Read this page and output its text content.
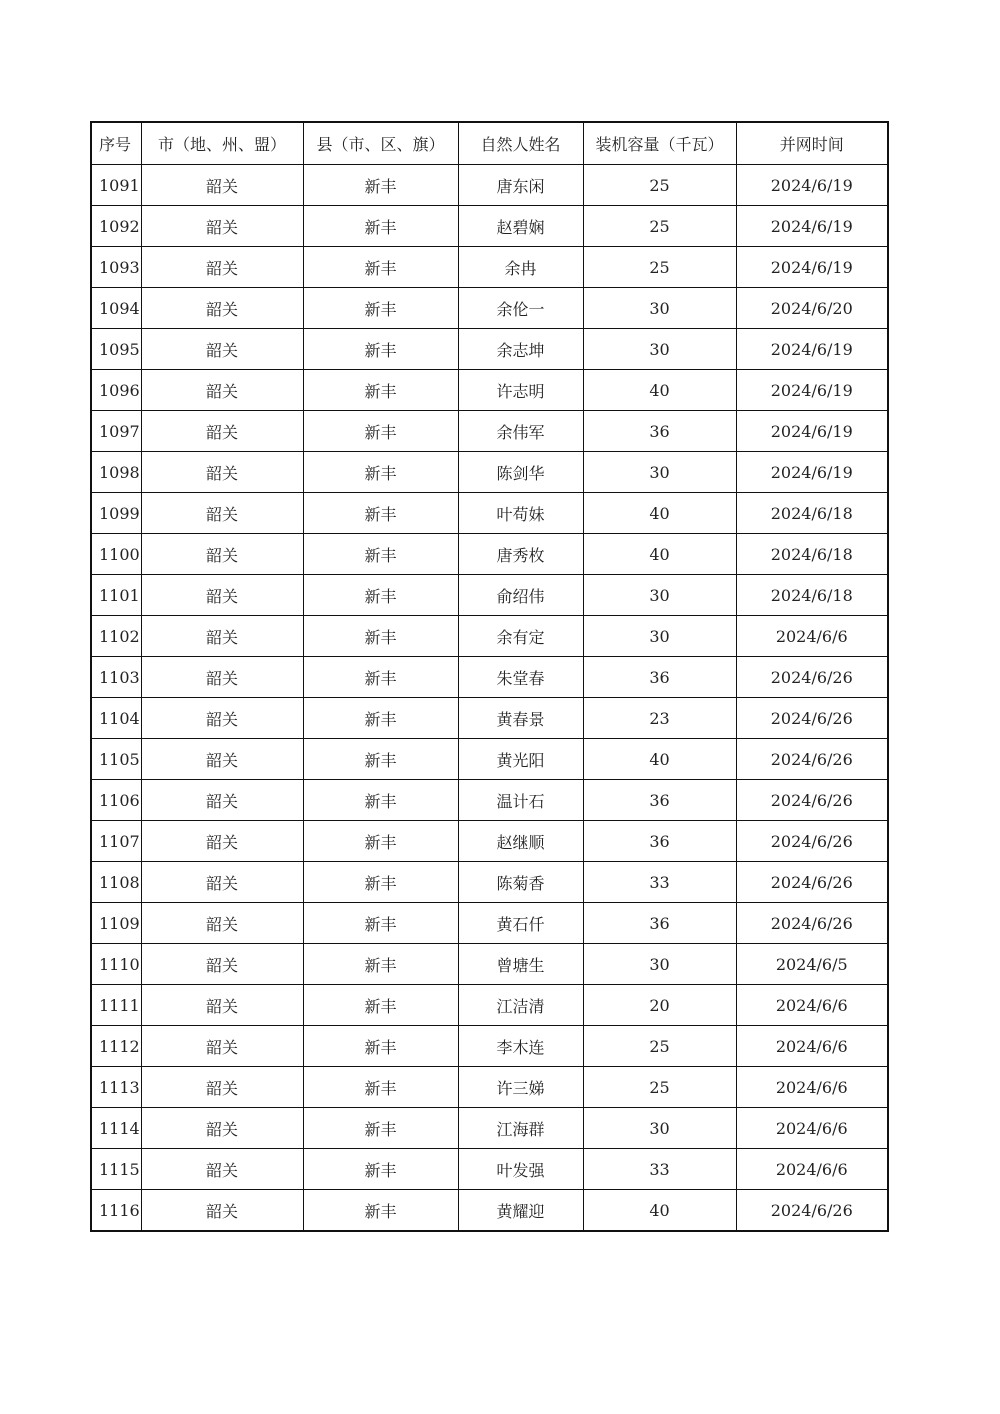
序号	市（地、州、盟）	县（市、区、旗）	自然人姓名	装机容量（千瓦）	并网时间
1091	韶关	新丰	唐东闲	25	2024/6/19
1092	韶关	新丰	赵碧娴	25	2024/6/19
1093	韶关	新丰	余冉	25	2024/6/19
1094	韶关	新丰	余伦一	30	2024/6/20
1095	韶关	新丰	余志坤	30	2024/6/19
1096	韶关	新丰	许志明	40	2024/6/19
1097	韶关	新丰	余伟军	36	2024/6/19
1098	韶关	新丰	陈剑华	30	2024/6/19
1099	韶关	新丰	叶苟妹	40	2024/6/18
1100	韶关	新丰	唐秀枚	40	2024/6/18
1101	韶关	新丰	俞绍伟	30	2024/6/18
1102	韶关	新丰	余有定	30	2024/6/6
1103	韶关	新丰	朱堂春	36	2024/6/26
1104	韶关	新丰	黄春景	23	2024/6/26
1105	韶关	新丰	黄光阳	40	2024/6/26
1106	韶关	新丰	温计石	36	2024/6/26
1107	韶关	新丰	赵继顺	36	2024/6/26
1108	韶关	新丰	陈菊香	33	2024/6/26
1109	韶关	新丰	黄石仟	36	2024/6/26
1110	韶关	新丰	曾塘生	30	2024/6/5
1111	韶关	新丰	江洁清	20	2024/6/6
1112	韶关	新丰	李木连	25	2024/6/6
1113	韶关	新丰	许三娣	25	2024/6/6
1114	韶关	新丰	江海群	30	2024/6/6
1115	韶关	新丰	叶发强	33	2024/6/6
1116	韶关	新丰	黄耀迎	40	2024/6/26
